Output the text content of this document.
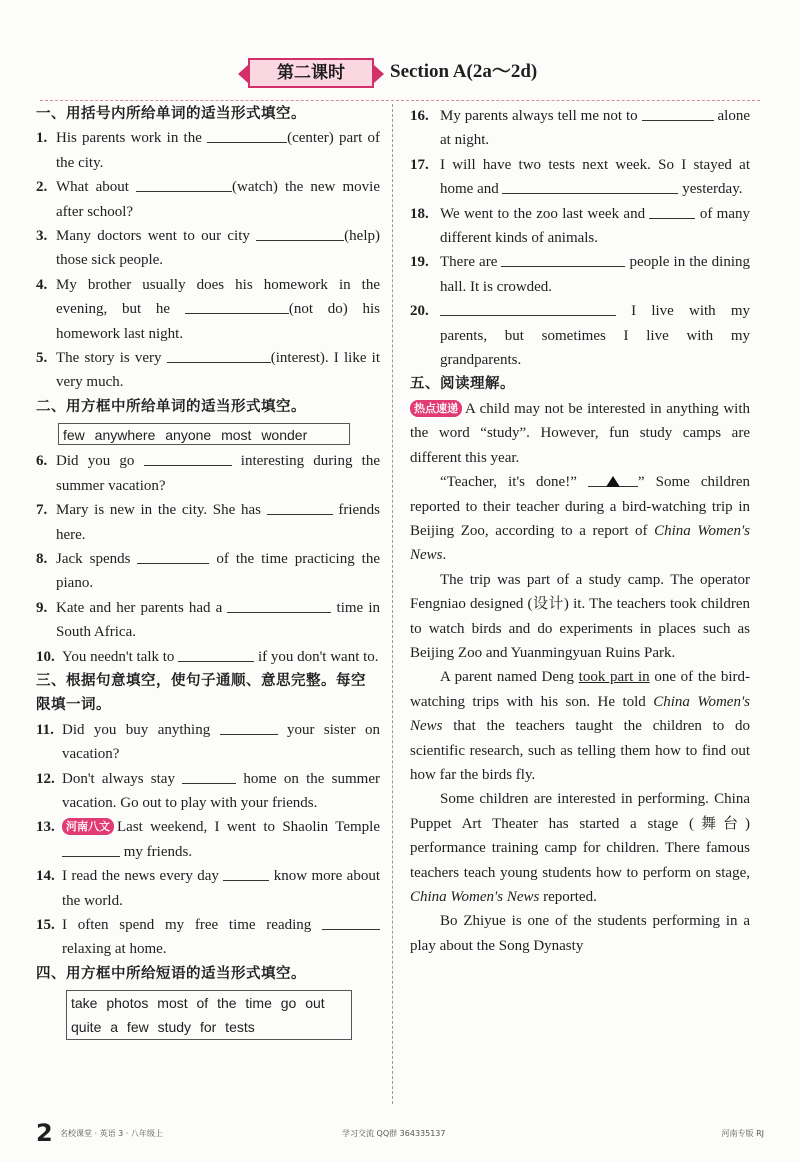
第二课时	Section A(2a～2d)
一、用括号内所给单词的适当形式填空。
1. His parents work in the	(center) part of the city.
2. What about	(watch) the new movie after school?
3. Many doctors went to our city	(help) those sick people.
4. My brother usually does his homework in the evening, but he	(not do) his homework last night.
5. The story is very	(interest). I like it very much.
二、用方框中所给单词的适当形式填空。
few anywhere anyone most wonder
6. Did you go	interesting during the summer vacation?
7. Mary is new in the city. She has	friends here.
8. Jack spends	of the time practicing the piano.
9. Kate and her parents had a	time in South Africa.
10. You needn't talk to	if you don't want to.
三、根据句意填空，使句子通顺、意思完整。每空限填一词。
11. Did you buy anything	your sister on vacation?
12. Don't always stay	home on the summer vacation. Go out to play with your friends.
13.	河南八文 Last weekend, I went to Shaolin Temple  my friends.
14. I read the news every day	know more about the world.
15. I often spend my free time reading  relaxing at home.
四、用方框中所给短语的适当形式填空。
take photos most of the time go out
quite a few study for tests
16. My parents always tell me not to	alone at night.
17. I will have two tests next week. So I stayed at home and	yesterday.
18. We went to the zoo last week and	of many different kinds of animals.
19. There are	people in the dining hall. It is crowded.
20.	I live with my parents, but sometimes I live with my grandparents.
五、阅读理解。
热点速递 A child may not be interested in anything with the word “study”. However, fun study camps are different this year.
“Teacher, it's done!”	” Some children reported to their teacher during a bird-watching trip in Beijing Zoo, according to a report of China Women's News.
The trip was part of a study camp. The operator Fengniao designed (设计) it. The teachers took children to watch birds and do experiments in places such as Beijing Zoo and Yuanmingyuan Ruins Park.
A parent named Deng took part in one of the bird-watching trips with his son. He told China Women's News that the teachers taught the children to do scientific research, such as telling them how to find out how far the birds fly.
Some children are interested in performing. China Puppet Art Theater has started a stage (舞台) performance training camp for children. There famous teachers teach young students how to perform on stage, China Women's News reported.
Bo Zhiyue is one of the students performing in a play about the Song Dynasty
2 名校课堂 · 英语 3 · 八年级上	学习交流 QQ群 364335137	河南专版 RJ
